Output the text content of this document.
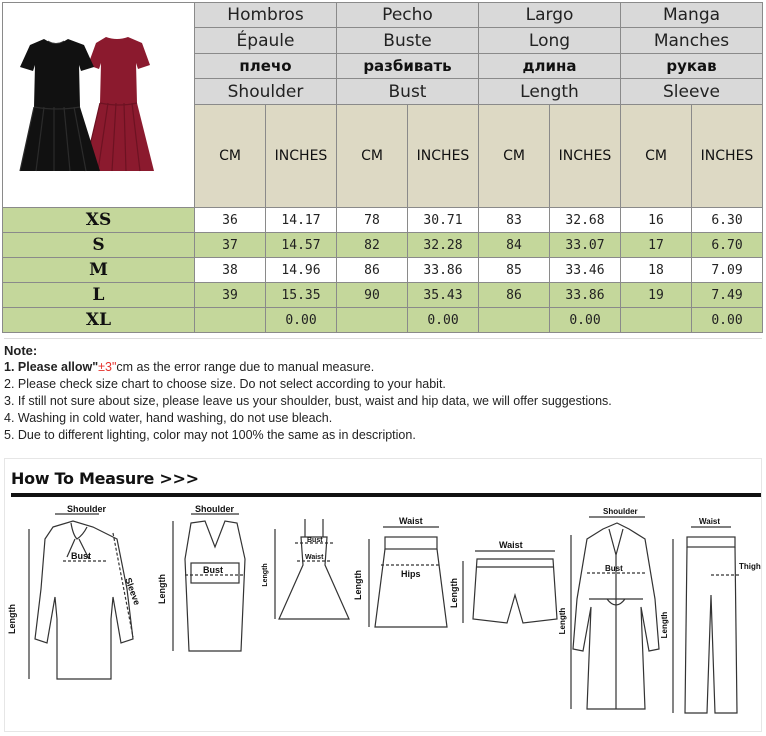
	Hombros		Pecho		Largo		Manga	
	Épaule		Buste		Long		Manches	
	плечо		разбивать		длина		рукав	
	Shoulder		Bust		Length		Sleeve	
	CM	INCHES	CM	INCHES	CM	INCHES	CM	INCHES
XS	36	14.17	78	30.71	83	32.68	16	6.30
S	37	14.57	82	32.28	84	33.07	17	6.70
M	38	14.96	86	33.86	85	33.46	18	7.09
L	39	15.35	90	35.43	86	33.86	19	7.49
XL		0.00		0.00		0.00		0.00
Note:
1. Please allow"±3"cm as the error range due to manual measure.
2. Please check size chart to choose size. Do not select according to your habit.
3. If still not sure about size, please leave us your shoulder, bust, waist and hip data, we will offer suggestions.
4. Washing in cold water, hand washing, do not use bleach.
5. Due to different lighting, color may not 100% the same as in description.
How To Measure >>>
Shoulder
Bust
Length
Sleeve
Shoulder
Bust
Length
Bust
Waist
Length
Waist
Hips
Length
Waist
Length
Shoulder
Bust
Length
Waist
Thigh
Length
